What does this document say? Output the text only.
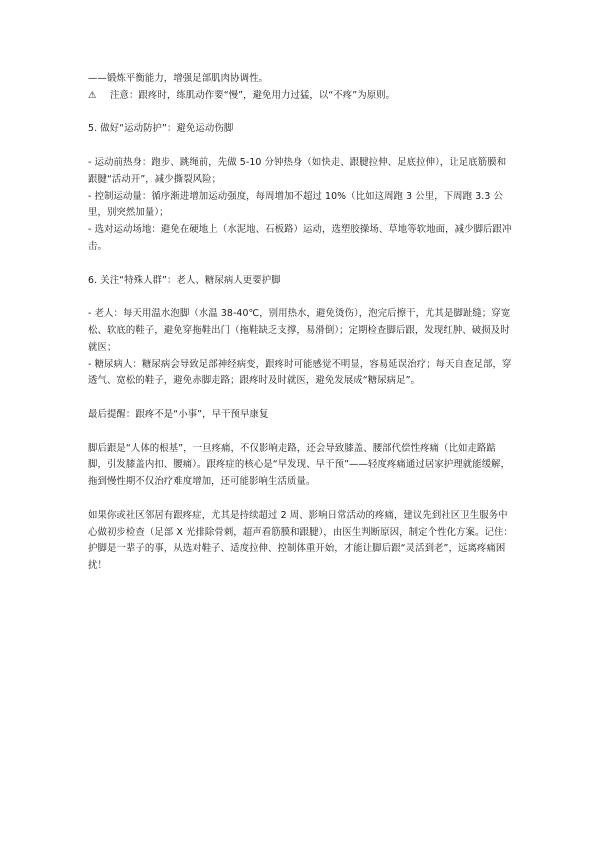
——锻炼平衡能力，增强足部肌肉协调性。

⚠ 注意：跟疼时，练肌动作要“慢”，避免用力过猛，以“不疼”为原则。

5. 做好“运动防护”：避免运动伤脚

- 运动前热身：跑步、跳绳前，先做 5-10 分钟热身（如快走、跟腱拉伸、足底拉伸），让足底筋膜和跟腱“活动开”，减少撕裂风险；

- 控制运动量：循序渐进增加运动强度，每周增加不超过 10%（比如这周跑 3 公里，下周跑 3.3 公里，别突然加量）；

- 选对运动场地：避免在硬地上（水泥地、石板路）运动，选塑胶操场、草地等软地面，减少脚后跟冲击。

6. 关注“特殊人群”：老人、糖尿病人更要护脚

- 老人：每天用温水泡脚（水温 38-40℃，别用热水，避免烫伤），泡完后擦干，尤其是脚趾缝；穿宽松、软底的鞋子，避免穿拖鞋出门（拖鞋缺乏支撑，易滑倒）；定期检查脚后跟，发现红肿、破损及时就医；

- 糖尿病人：糖尿病会导致足部神经病变，跟疼时可能感觉不明显，容易延误治疗；每天自查足部，穿透气、宽松的鞋子，避免赤脚走路；跟疼时及时就医，避免发展成“糖尿病足”。

最后提醒：跟疼不是“小事”，早干预早康复

脚后跟是“人体的根基”，一旦疼痛，不仅影响走路，还会导致膝盖、腰部代偿性疼痛（比如走路踮脚，引发膝盖内扣、腰痛）。跟疼症的核心是“早发现、早干预”——轻度疼痛通过居家护理就能缓解，拖到慢性期不仅治疗难度增加，还可能影响生活质量。

如果你或社区邻居有跟疼症，尤其是持续超过 2 周、影响日常活动的疼痛，建议先到社区卫生服务中心做初步检查（足部 X 光排除骨刺，超声看筋膜和跟腱），由医生判断原因，制定个性化方案。记住：护脚是一辈子的事，从选对鞋子、适度拉伸、控制体重开始，才能让脚后跟“灵活到老”，远离疼痛困扰！
